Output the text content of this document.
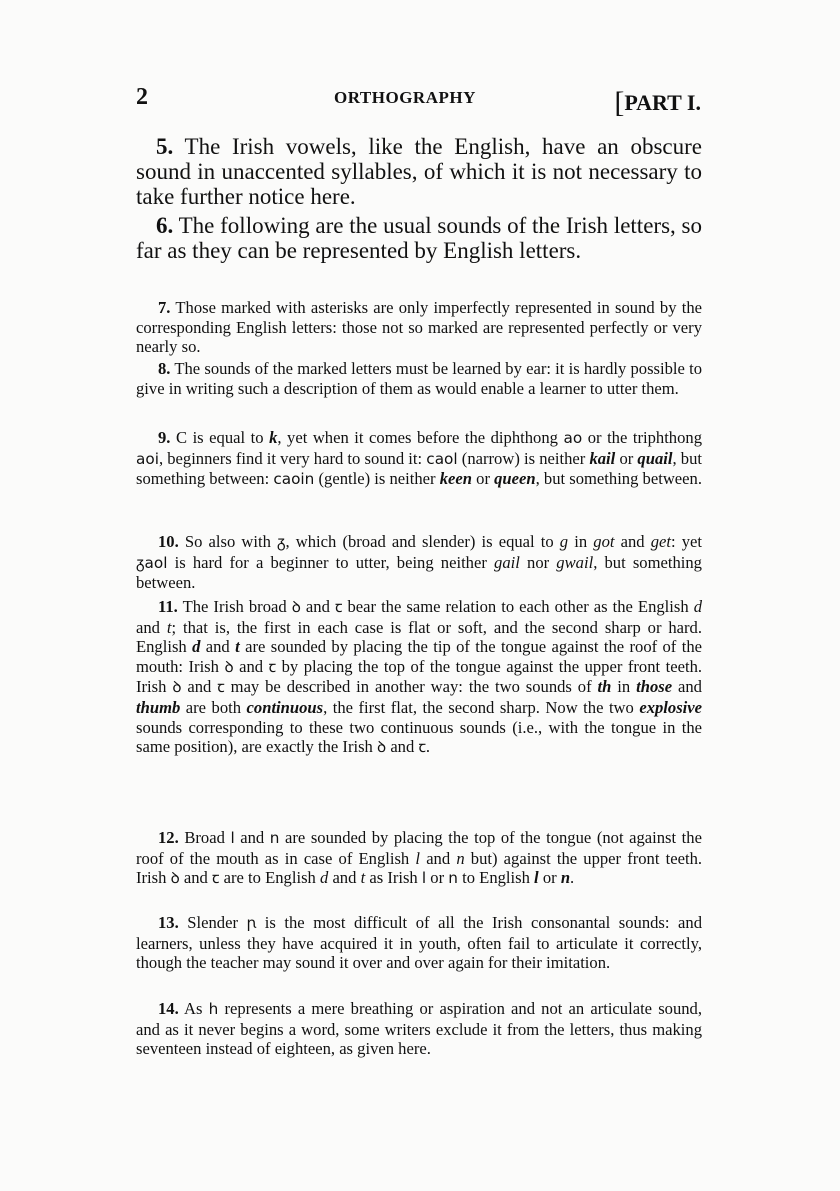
2	ORTHOGRAPHY	[PART I.

5. The Irish vowels, like the English, have an obscure sound in unaccented syllables, of which it is not necessary to take further notice here.

6. The following are the usual sounds of the Irish letters, so far as they can be represented by English letters.

7. Those marked with asterisks are only imperfectly represented in sound by the corresponding English letters: those not so marked are represented perfectly or very nearly so.

8. The sounds of the marked letters must be learned by ear: it is hardly possible to give in writing such a description of them as would enable a learner to utter them.

9. C is equal to k, yet when it comes before the diphthong ao or the triphthong aoi, beginners find it very hard to sound it: caol (narrow) is neither kail or quail, but something between: caoin (gentle) is neither keen or queen, but something between.

10. So also with ᵹ, which (broad and slender) is equal to g in got and get: yet ᵹaol is hard for a beginner to utter, being neither gail nor gwail, but something between.

11. The Irish broad ꝺ and ꞇ bear the same relation to each other as the English d and t; that is, the first in each case is flat or soft, and the second sharp or hard. English d and t are sounded by placing the tip of the tongue against the roof of the mouth: Irish ꝺ and ꞇ by placing the top of the tongue against the upper front teeth. Irish ꝺ and ꞇ may be described in another way: the two sounds of th in those and thumb are both continuous, the first flat, the second sharp. Now the two explosive sounds corresponding to these two continuous sounds (i.e., with the tongue in the same position), are exactly the Irish ꝺ and ꞇ.

12. Broad l and n are sounded by placing the top of the tongue (not against the roof of the mouth as in case of English l and n but) against the upper front teeth. Irish ꝺ and ꞇ are to English d and t as Irish l or n to English l or n.

13. Slender ꞃ is the most difficult of all the Irish consonantal sounds: and learners, unless they have acquired it in youth, often fail to articulate it correctly, though the teacher may sound it over and over again for their imitation.

14. As h represents a mere breathing or aspiration and not an articulate sound, and as it never begins a word, some writers exclude it from the letters, thus making seventeen instead of eighteen, as given here.
